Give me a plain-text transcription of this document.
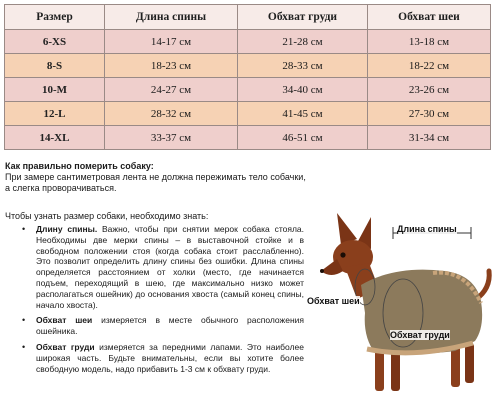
Размер	Длина спины	Обхват груди	Обхват шеи
6-XS	14-17 см	21-28 см	13-18 см
8-S	18-23 см	28-33 см	18-22 см
10-M	24-27 см	34-40 см	23-26 см
12-L	28-32 см	41-45 см	27-30 см
14-XL	33-37 см	46-51 см	31-34 см
Как правильно померить собаку:
При замере сантиметровая лента не должна пережимать тело собачки,
а слегка проворачиваться.
Чтобы узнать размер собаки, необходимо знать:
• Длину спины. Важно, чтобы при снятии мерок собака стояла. Необходимы две мерки спины – в выставочной стойке и в свободном положении стоя (когда собака стоит расслабленно). Это позволит определить длину спины без ошибки. Длина спины определяется расстоянием от холки (место, где начинается подъем, переходящий в шею, где максимально низко может располагаться ошейник) до основания хвоста (самый конец спины, начало хвоста).
• Обхват шеи измеряется в месте обычного расположения ошейника.
• Обхват груди измеряется за передними лапами. Это наиболее широкая часть. Будьте внимательны, если вы хотите более свободную модель, надо прибавить 1-3 см к обхвату груди.
Длина спины
Обхват шеи
Обхват груди
